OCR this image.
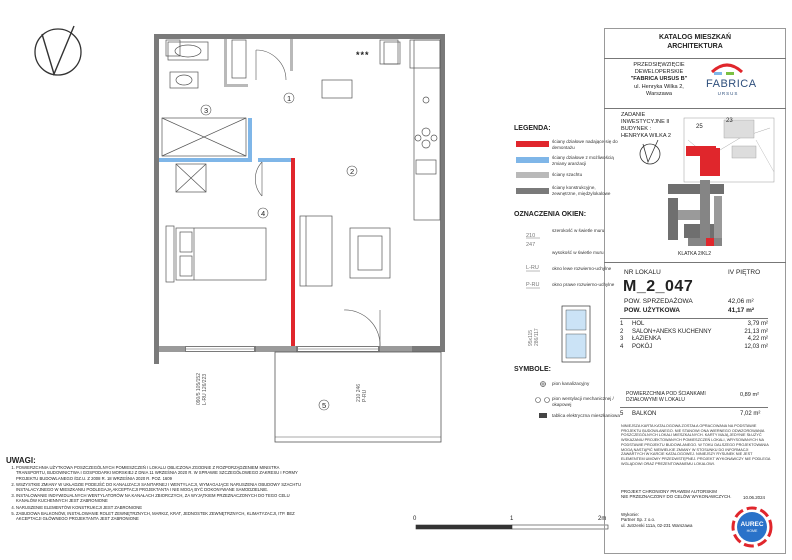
1
2
3
4
5
***
090/5 105/152
L-RU 126/223
210 246
P-RU
KATALOG MIESZKAŃ
ARCHITEKTURA
PRZEDSIĘWZIĘCIE
DEWELOPERSKIE
"FABRICA URSUS B"
ul. Henryka Wilka 2,
Warszawa
FABRICA
URSUS
ZADANIE
INWESTYCYJNE II
BUDYNEK :
HENRYKA WILKA 2
25
23
KLATKA 2/KL2
NR LOKALU	IV PIĘTRO
M_2_047
POW. SPRZEDAŻOWA	42,06 m²
POW. UŻYTKOWA	41,17 m²
1	HOL	3,79 m²
2	SALON+ANEKS KUCHENNY	21,13 m²
3	ŁAZIENKA	4,22 m²
4	POKÓJ	12,03 m²
POWIERZCHNIA POD ŚCIANKAMI DZIAŁOWYMI W LOKALU
0,89 m²
5 BALKON	7,02 m²
NINIEJSZA KARTA KATALOGOWA ZOSTAŁA OPRACOWANA NA PODSTAWIE PROJEKTU BUDOWLANEGO. NIE STANOWI ONA WIERNEGO ODWZOROWANIA POSZCZEGÓLNYCH LOKALI MIESZKALNYCH. KARTY MAJĄ JEDYNIE SŁUŻYĆ WSKAZANIU PROJEKTOWANYCH POMIESZCZEŃ LOKALI, WRYSOWANYCH NA PODSTAWIE PROJEKTU BUDOWLANEGO. W TOKU DALSZEGO PROJEKTOWANIA MOGĄ NASTĄPIĆ NIEWIELKIE ZMIANY W STOSUNKU DO INFORMACJI ZAWARTYCH W KARCIE KATALOGOWEJ. NINIEJSZY RYSUNEK NIE JEST ELEMENTEM UMOWY PRZEDWSTĘPNEJ. PROJEKT WYKONAWCZY NIE PODLEGA WGLĄDOWI ORAZ PREZENTOWANEMU LOKALOWI.
PROJEKT CHRONIONY PRAWEM AUTORSKIM
NIE PRZEZNACZONY DO CELÓW WYKONAWCZYCH.	10.06.2024
Wykonie:
Partner Sp. z o.o.
ul. Jutrzenki 111a, 02-231 Warszawa	AUREC
HOME
LEGENDA:
ściany działowe nadające się do demontażu
ściany działowe z możliwością zmiany aranżacji
ściany szachtu
ściany konstrukcyjne, zewnętrzne, międzylokalowe
OZNACZENIA OKIEN:
210
szerokość w świetle muru
247
wysokość w świetle muru
L-RU	okno lewe rozwierno-uchylne
P-RU	okno prawe rozwierno-uchylne
95x115 286/117
SYMBOLE:
pion kanalizacyjny
pion wentylacji mechanicznej / okapowej
tablica elektryczna mieszkaniowa
UWAGI:
1. POWIERZCHNIA UŻYTKOWA POSZCZEGÓLNYCH POMIESZCZEŃ I LOKALU OBLICZONA ZGODNIE Z ROZPORZĄDZENIEM MINISTRA TRANSPORTU, BUDOWNICTWA I GOSPODARKI MORSKIEJ Z DNIA 11 WRZEŚNIA 2020 R. W SPRAWIE SZCZEGÓŁOWEGO ZAKRESU I FORMY PROJEKTU BUDOWLANEGO /DZ.U. Z 2008 R. 18 WRZEŚNIA 2020 R. POZ. 1609
2. WSZYSTKIE ZMIANY W UKŁADZIE PODEJŚĆ DO KANALIZACJI SANITARNEJ I WENTYLACJI, WYMAGAJĄCE NARUSZENIA OBUDOWY SZACHTU INSTALACYJNEGO W MIESZKANIU PODLEGAJĄ AKCEPTACJI PROJEKTANTA I NIE MOGĄ BYĆ DOKONYWANE SAMODZIELNIE.
3. INSTALOWANIE INDYWIDUALNYCH WENTYLATORÓW NA KANAŁACH ZBIORCZYCH, ZA WYJĄTKIEM PRZEZNACZONYCH DO TEGO CELU KANAŁÓW KUCHENNYCH JEST ZABRONIONE
4. NARUSZENIE ELEMENTÓW KONSTRUKCJI JEST ZABRONIONE
5. ZABUDOWA BALKONÓW, INSTALOWANIE ROLET ZEWNĘTRZNYCH, MARKIZ, KRAT, JEDNOSTEK ZEWNĘTRZNYCH, KLIMATYZACJI, ITP. BEZ AKCEPTACJI GŁÓWNEGO PROJEKTANTA JEST ZABRONIONE	0	1	2m
